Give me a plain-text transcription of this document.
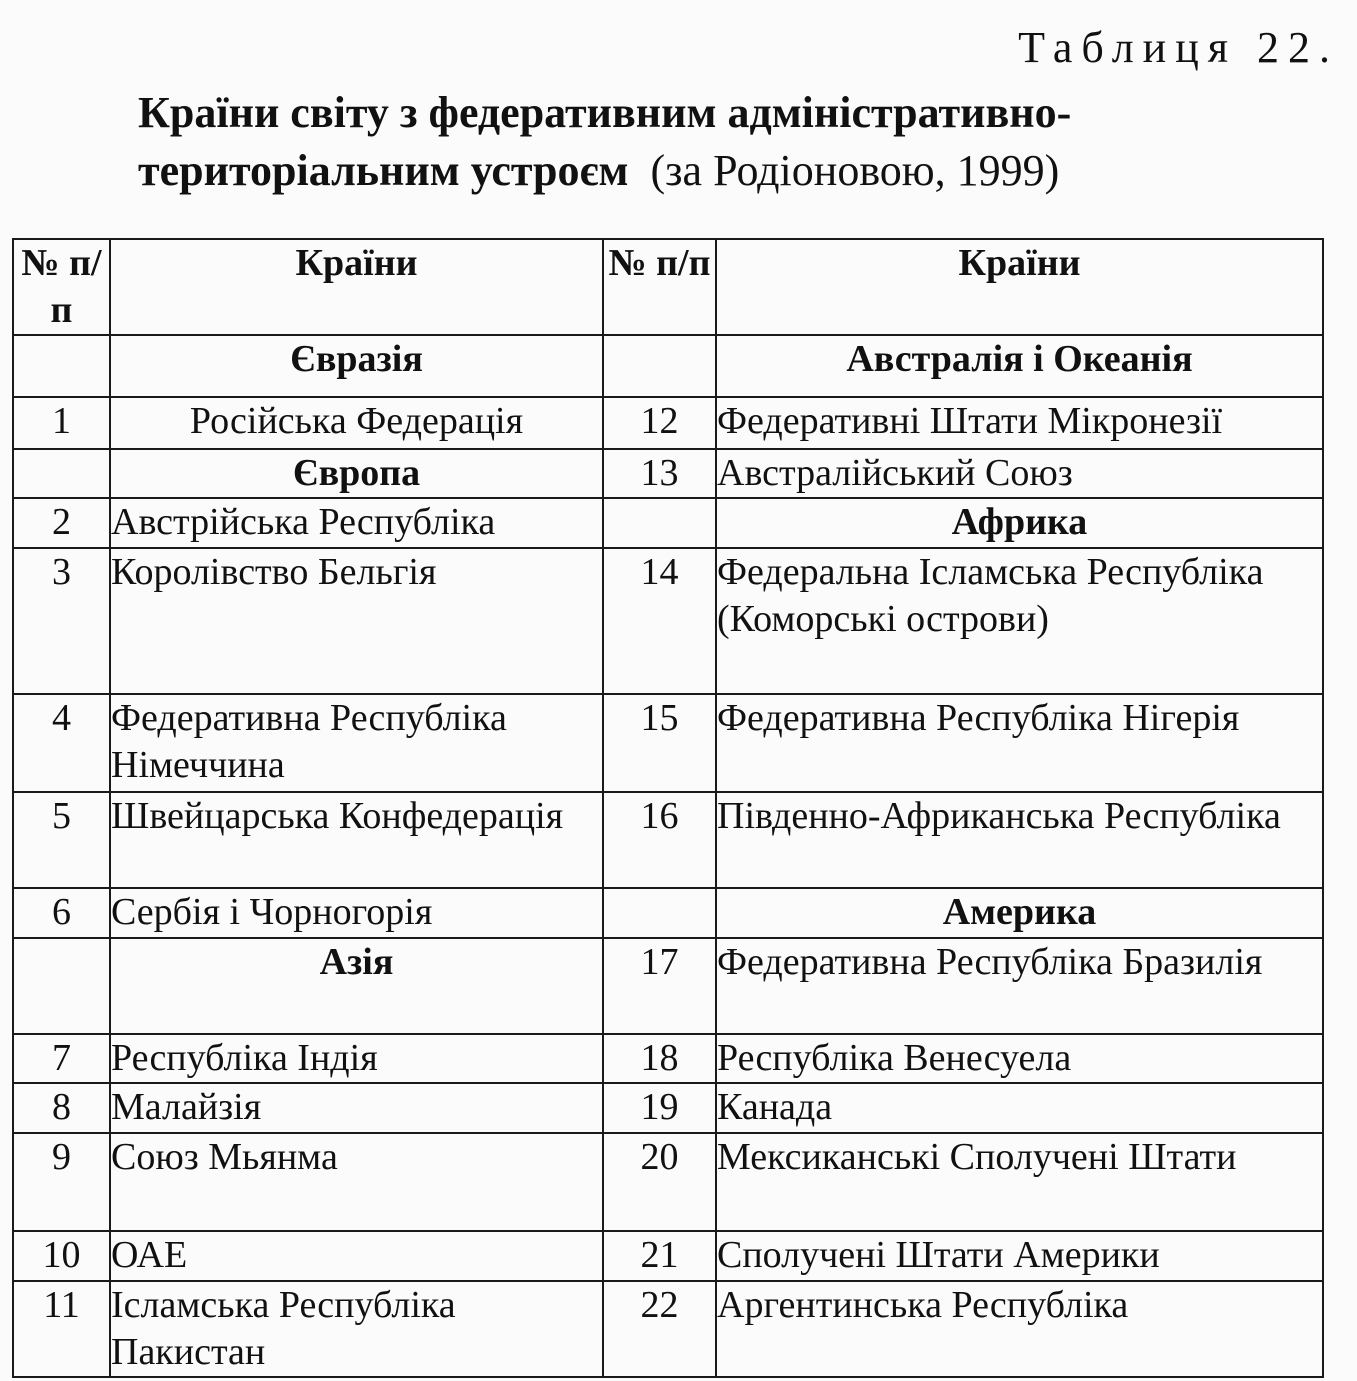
Таблиця 22.
Країни світу з федеративним адміністративно-
територіальним устроєм (за Родіоновою, 1999)
№ п/п	Країни	№ п/п	Країни
	Євразія		Австралія і Океанія
1	Російська Федерація	12	Федеративні Штати Мікронезії
	Європа	13	Австралійський Союз
2	Австрійська Республіка		Африка
3	Королівство Бельгія	14	Федеральна Ісламська Республіка (Коморські острови)
4	Федеративна Республіка Німеччина	15	Федеративна Республіка Нігерія
5	Швейцарська Конфедерація	16	Південно-Африканська Республіка
6	Сербія і Чорногорія		Америка
	Азія	17	Федеративна Республіка Бразилія
7	Республіка Індія	18	Республіка Венесуела
8	Малайзія	19	Канада
9	Союз Мьянма	20	Мексиканські Сполучені Штати
10	ОАЕ	21	Сполучені Штати Америки
11	Ісламська Республіка Пакистан	22	Аргентинська Республіка
